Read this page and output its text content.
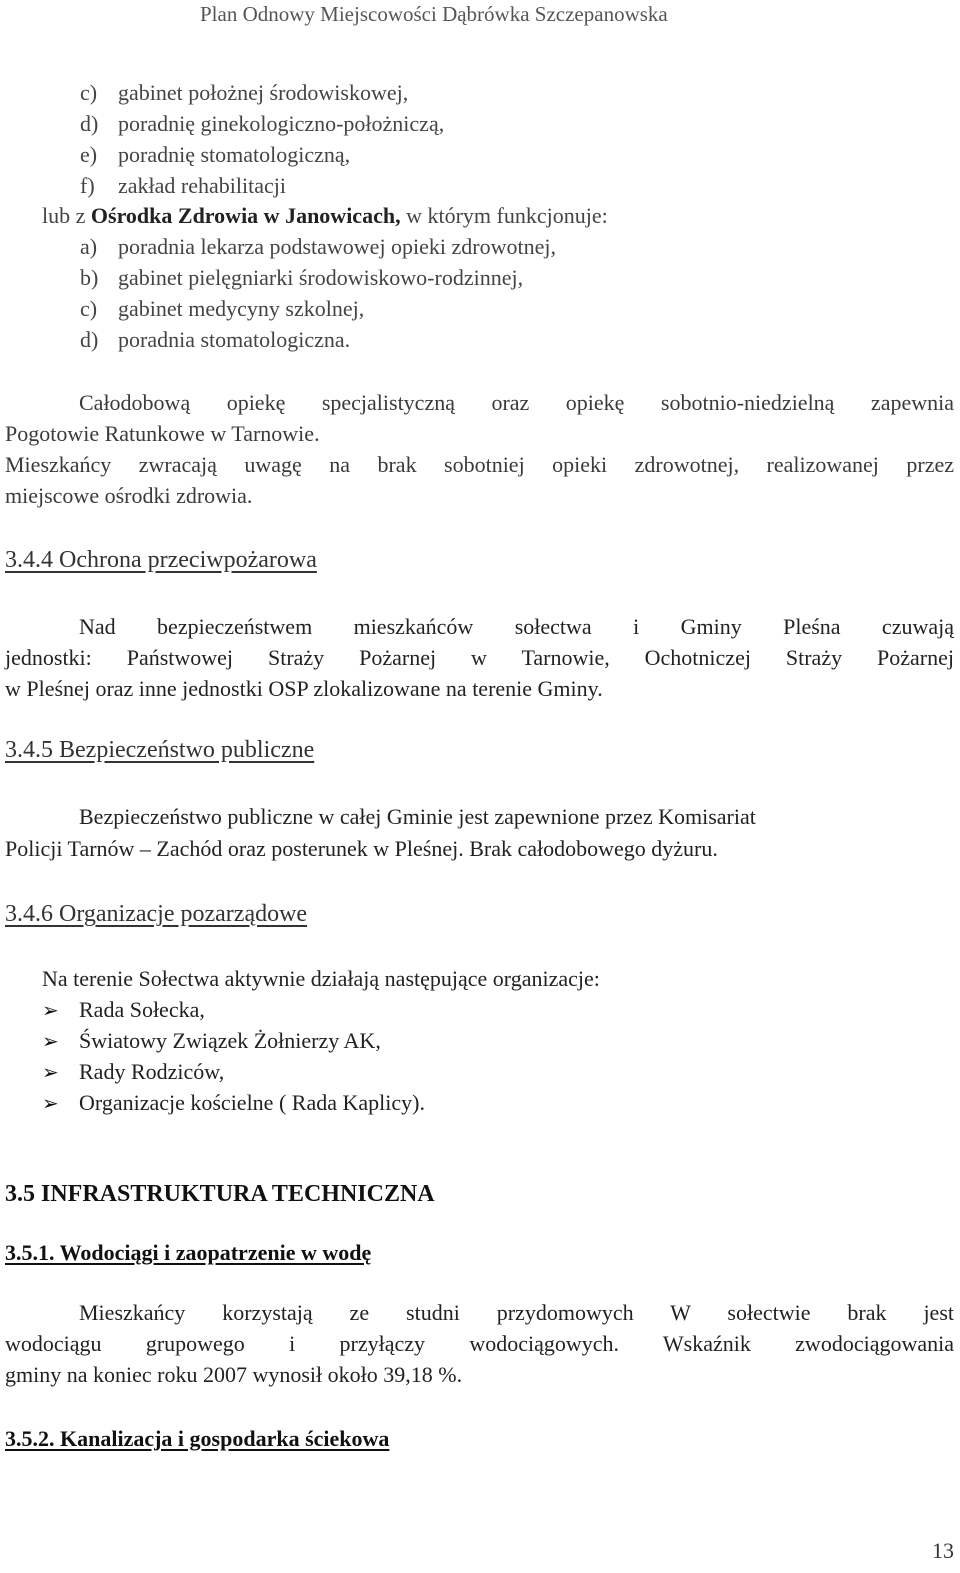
Plan Odnowy Miejscowości Dąbrówka Szczepanowska
c) gabinet położnej środowiskowej,
d) poradnię ginekologiczno-położniczą,
e) poradnię stomatologiczną,
f) zakład rehabilitacji
lub z Ośrodka Zdrowia w Janowicach, w którym funkcjonuje:
a) poradnia lekarza podstawowej opieki zdrowotnej,
b) gabinet pielęgniarki środowiskowo-rodzinnej,
c) gabinet medycyny szkolnej,
d) poradnia stomatologiczna.
Całodobową opiekę specjalistyczną oraz opiekę sobotnio-niedzielną zapewnia
Pogotowie Ratunkowe w Tarnowie.
Mieszkańcy zwracają uwagę na brak sobotniej opieki zdrowotnej, realizowanej przez
miejscowe ośrodki zdrowia.
3.4.4 Ochrona przeciwpożarowa
Nad bezpieczeństwem mieszkańców sołectwa i Gminy Pleśna czuwają
jednostki: Państwowej Straży Pożarnej w Tarnowie, Ochotniczej Straży Pożarnej
w Pleśnej oraz inne jednostki OSP zlokalizowane na terenie Gminy.
3.4.5 Bezpieczeństwo publiczne
Bezpieczeństwo publiczne w całej Gminie jest zapewnione przez Komisariat
Policji Tarnów – Zachód oraz posterunek w Pleśnej. Brak całodobowego dyżuru.
3.4.6 Organizacje pozarządowe
Na terenie Sołectwa aktywnie działają następujące organizacje:
➢ Rada Sołecka,
➢ Światowy Związek Żołnierzy AK,
➢ Rady Rodziców,
➢ Organizacje kościelne ( Rada Kaplicy).
3.5 INFRASTRUKTURA TECHNICZNA
3.5.1. Wodociągi i zaopatrzenie w wodę
Mieszkańcy korzystają ze studni przydomowych W sołectwie brak jest
wodociągu grupowego i przyłączy wodociągowych. Wskaźnik zwodociągowania
gminy na koniec roku 2007 wynosił około 39,18 %.
3.5.2. Kanalizacja i gospodarka ściekowa
13
